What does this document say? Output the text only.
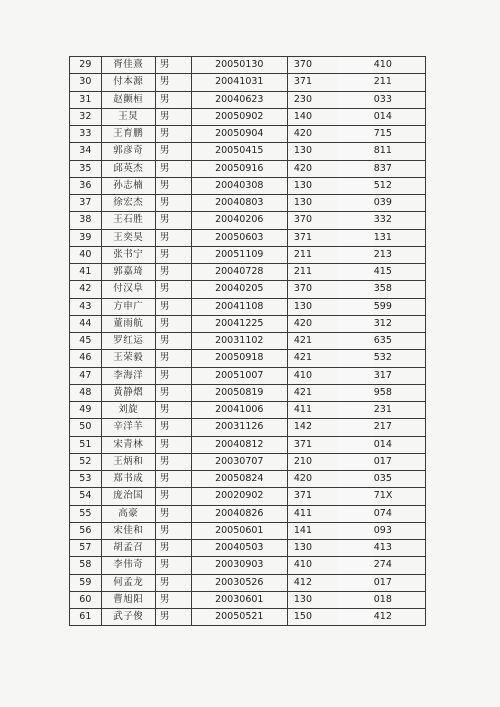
29	胥佳熹	男	20050130	370		410
30	付本源	男	20041031	371		211
31	赵颤桓	男	20040623	230		033
32	王炅	男	20050902	140		014
33	王育鹏	男	20050904	420		715
34	郭彦奇	男	20050415	130		811
35	邱英杰	男	20050916	420		837
36	孙志楠	男	20040308	130		512
37	徐宏杰	男	20040803	130		039
38	王石胜	男	20040206	370		332
39	王奕昊	男	20050603	371		131
40	张书宁	男	20051109	211		213
41	郭嘉琦	男	20040728	211		415
42	付汉阜	男	20040205	370		358
43	方申广	男	20041108	130		599
44	董雨航	男	20041225	420		312
45	罗红运	男	20031102	421		635
46	王荣毅	男	20050918	421		532
47	李海洋	男	20051007	410		317
48	黄静熠	男	20050819	421		958
49	刘旋	男	20041006	411		231
50	辛洋羊	男	20031126	142		217
51	宋青林	男	20040812	371		014
52	王炳和	男	20030707	210		017
53	郑书成	男	20050824	420		035
54	庞治国	男	20020902	371		71X
55	高豪	男	20040826	411		074
56	宋佳和	男	20050601	141		093
57	胡孟召	男	20040503	130		413
58	李伟奇	男	20030903	410		274
59	何孟龙	男	20030526	412		017
60	曹旭阳	男	20030601	130		018
61	武子俊	男	20050521	150		412
